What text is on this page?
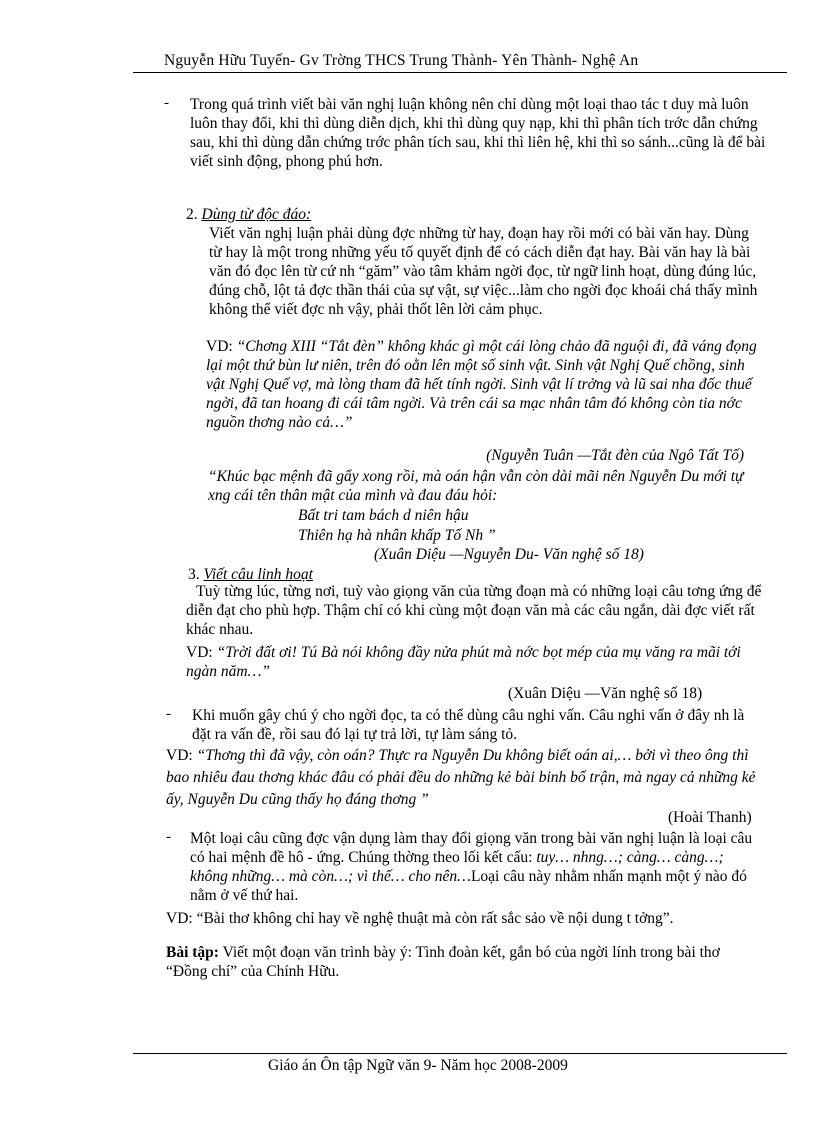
Nguyễn Hữu Tuyến- Gv Trờng THCS Trung Thành- Yên Thành- Nghệ An
- Trong quá trình viết bài văn nghị luận không nên chỉ dùng một loại thao tác t duy mà luôn luôn thay đổi, khi thì dùng diễn dịch, khi thì dùng quy nạp, khi thì phân tích trớc dẫn chứng sau, khi thì dùng dẫn chứng trớc phân tích sau, khi thì liên hệ, khi thì so sánh...cũng là để bài viết sinh động, phong phú hơn.
2. Dùng từ độc đáo:
Viết văn nghị luận phải dùng đợc những từ hay, đoạn hay rồi mới có bài văn hay. Dùng từ hay là một trong những yếu tố quyết định để có cách diễn đạt hay. Bài văn hay là bài văn đó đọc lên từ cứ nh “găm” vào tâm khảm ngời đọc, từ ngữ linh hoạt, dùng đúng lúc, đúng chỗ, lột tả đợc thần thái của sự vật, sự việc...làm cho ngời đọc khoái chá thấy mình không thể viết đợc nh vậy, phải thốt lên lời cảm phục.
VD: “Chơng XIII “Tắt đèn” không khác gì một cái lòng chảo đã nguội đi, đã váng đọng lại một thứ bùn lư niên, trên đó oằn lên một số sinh vật. Sinh vật Nghị Quế chồng, sinh vật Nghị Quế vợ, mà lòng tham đã hết tính ngời. Sinh vật lí trởng và lũ sai nha đốc thuế ngời, đã tan hoang đi cái tâm ngời. Và trên cái sa mạc nhân tâm đó không còn tia nớc nguồn thơng nào cả…”
(Nguyễn Tuân —Tắt đèn của Ngô Tất Tố)
“Khúc bạc mệnh đã gẩy xong rồi, mà oán hận vẫn còn dài mãi nên Nguyễn Du mới tự xng cái tên thân mật của mình và đau đáu hỏi:
Bất tri tam bách d niên hậu
Thiên hạ hà nhân khấp Tố Nh ”
(Xuân Diệu —Nguyễn Du- Văn nghệ số 18)
3. Viết câu linh hoạt
Tuỳ từng lúc, từng nơi, tuỳ vào giọng văn của từng đoạn mà có những loại câu tơng ứng để diễn đạt cho phù hợp. Thậm chí có khi cùng một đoạn văn mà các câu ngắn, dài đợc viết rất khác nhau.
VD: “Trời đất ơi! Tú Bà nói không đầy nửa phút mà nớc bọt mép của mụ văng ra mãi tới ngàn năm…”
(Xuân Diệu —Văn nghệ số 18)
- Khi muốn gây chú ý cho ngời đọc, ta có thể dùng câu nghi vấn. Câu nghi vấn ở đây nh là đặt ra vấn đề, rồi sau đó lại tự trả lời, tự làm sáng tỏ.
VD: “Thơng thì đã vậy, còn oán? Thực ra Nguyễn Du không biết oán ai,… bởi vì theo ông thì bao nhiêu đau thơng khác đâu có phải đều do những kẻ bài binh bố trận, mà ngay cả những kẻ ấy, Nguyễn Du cũng thấy họ đáng thơng ”
(Hoài Thanh)
- Một loại câu cũng đợc vận dụng làm thay đổi giọng văn trong bài văn nghị luận là loại câu có hai mệnh đề hô - ứng. Chúng thờng theo lối kết cấu: tuy… nhng…; càng… càng…; không những… mà còn…; vì thế… cho nên…Loại câu này nhằm nhấn mạnh một ý nào đó nằm ở vế thứ hai.
VD: “Bài thơ không chỉ hay về nghệ thuật mà còn rất sắc sảo về nội dung t tởng”.
Bài tập: Viết một đoạn văn trình bày ý: Tình đoàn kết, gắn bó của ngời lính trong bài thơ “Đồng chí” của Chính Hữu.
Giáo án Ôn tập Ngữ văn 9- Năm học 2008-2009
